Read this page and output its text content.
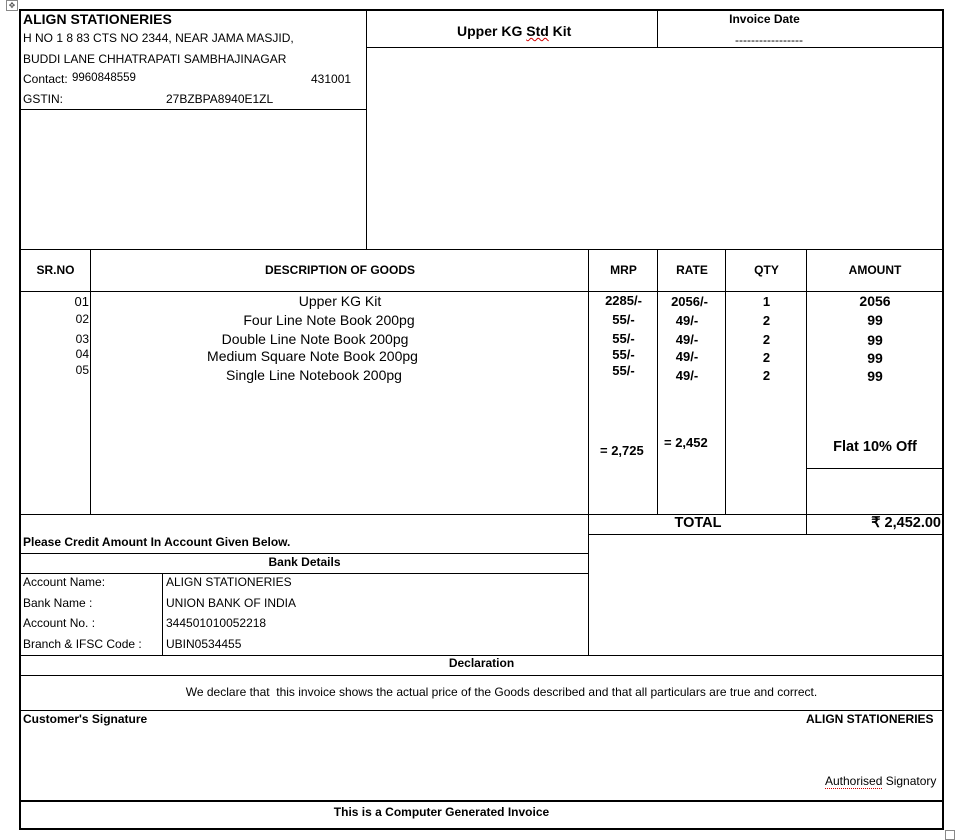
✥
ALIGN STATIONERIES
H NO 1 8 83 CTS NO 2344, NEAR JAMA MASJID,
BUDDI LANE CHHATRAPATI SAMBHAJINAGAR
Contact: 9960848559	431001
GSTIN:	27BZBPA8940E1ZL
Upper KG Std Kit
Invoice Date
-----------------
SR.NO	DESCRIPTION OF GOODS	MRP	RATE	QTY	AMOUNT
01	Upper KG Kit	2285/-	2056/-	1	2056
02	Four Line Note Book 200pg	55/-	49/-	2	99
03	Double Line Note Book 200pg	55/-	49/-	2	99
04	Medium Square Note Book 200pg	55/-	49/-	2	99
05	Single Line Notebook 200pg	55/-	49/-	2	99
= 2,725
= 2,452	Flat 10% Off
TOTAL	₹ 2,452.00
Please Credit Amount In Account Given Below.
Bank Details
Account Name:	ALIGN STATIONERIES
Bank Name :	UNION BANK OF INDIA
Account No. :	344501010052218
Branch & IFSC Code : UBIN0534455
Declaration
We declare that  this invoice shows the actual price of the Goods described and that all particulars are true and correct.
Customer's Signature	ALIGN STATIONERIES
Authorised Signatory
This is a Computer Generated Invoice
